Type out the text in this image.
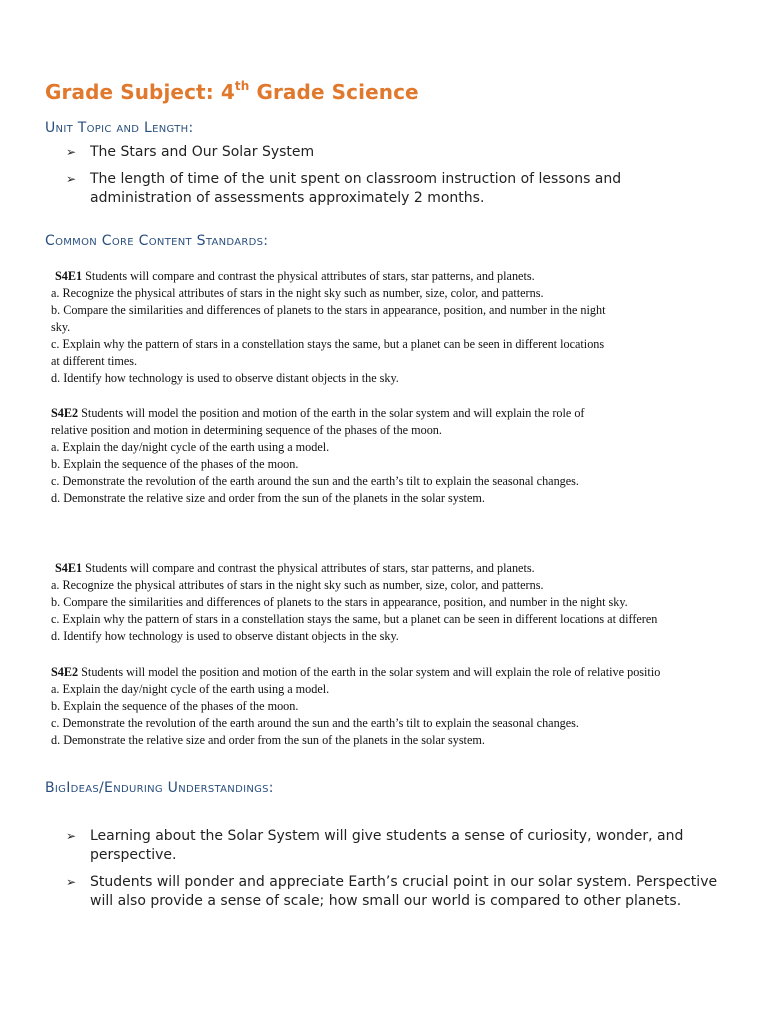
Grade Subject: 4th Grade Science
Unit Topic and Length:
➢ The Stars and Our Solar System
➢ The length of time of the unit spent on classroom instruction of lessons and administration of assessments approximately 2 months.
Common Core Content Standards:
S4E1 Students will compare and contrast the physical attributes of stars, star patterns, and planets.
a. Recognize the physical attributes of stars in the night sky such as number, size, color, and patterns.
b. Compare the similarities and differences of planets to the stars in appearance, position, and number in the night
sky.
c. Explain why the pattern of stars in a constellation stays the same, but a planet can be seen in different locations
at different times.
d. Identify how technology is used to observe distant objects in the sky.
S4E2 Students will model the position and motion of the earth in the solar system and will explain the role of
relative position and motion in determining sequence of the phases of the moon.
a. Explain the day/night cycle of the earth using a model.
b. Explain the sequence of the phases of the moon.
c. Demonstrate the revolution of the earth around the sun and the earth’s tilt to explain the seasonal changes.
d. Demonstrate the relative size and order from the sun of the planets in the solar system.
S4E1 Students will compare and contrast the physical attributes of stars, star patterns, and planets.
a. Recognize the physical attributes of stars in the night sky such as number, size, color, and patterns.
b. Compare the similarities and differences of planets to the stars in appearance, position, and number in the night sky.
c. Explain why the pattern of stars in a constellation stays the same, but a planet can be seen in different locations at differen
d. Identify how technology is used to observe distant objects in the sky.
S4E2 Students will model the position and motion of the earth in the solar system and will explain the role of relative positio
a. Explain the day/night cycle of the earth using a model.
b. Explain the sequence of the phases of the moon.
c. Demonstrate the revolution of the earth around the sun and the earth’s tilt to explain the seasonal changes.
d. Demonstrate the relative size and order from the sun of the planets in the solar system.
BigIdeas/Enduring Understandings:
➢ Learning about the Solar System will give students a sense of curiosity, wonder, and perspective.
➢ Students will ponder and appreciate Earth’s crucial point in our solar system. Perspective will also provide a sense of scale; how small our world is compared to other planets.
